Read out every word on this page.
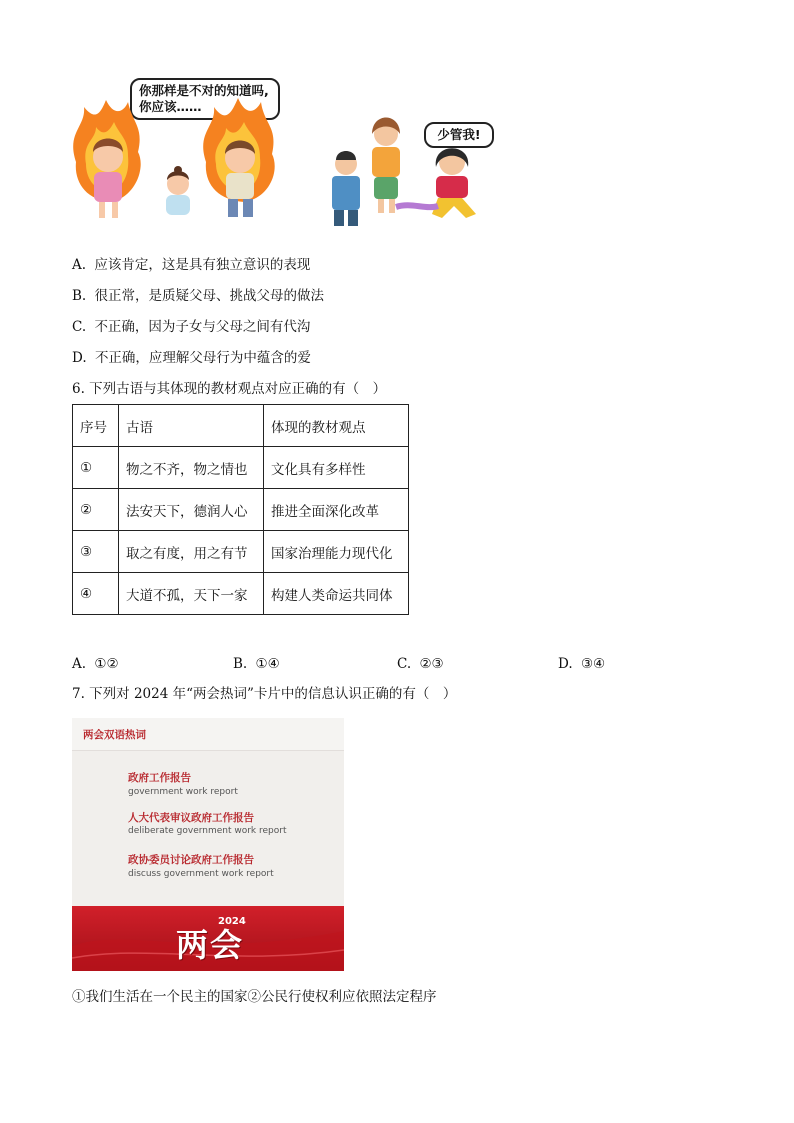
你那样是不对的知道吗,
你应该……
少管我!
A. 应该肯定，这是具有独立意识的表现
B. 很正常，是质疑父母、挑战父母的做法
C. 不正确，因为子女与父母之间有代沟
D. 不正确，应理解父母行为中蕴含的爱
6. 下列古语与其体现的教材观点对应正确的有（　）
序号	古语	体现的教材观点
①	物之不齐，物之情也	文化具有多样性
②	法安天下，德润人心	推进全面深化改革
③	取之有度，用之有节	国家治理能力现代化
④	大道不孤，天下一家	构建人类命运共同体
A. ①②	B. ①④	C. ②③	D. ③④
7. 下列对 2024 年“两会热词”卡片中的信息认识正确的有（　）
两会双语热词
政府工作报告
government work report
人大代表审议政府工作报告
deliberate government work report
政协委员讨论政府工作报告
discuss government work report
2024
两会
①我们生活在一个民主的国家②公民行使权利应依照法定程序
